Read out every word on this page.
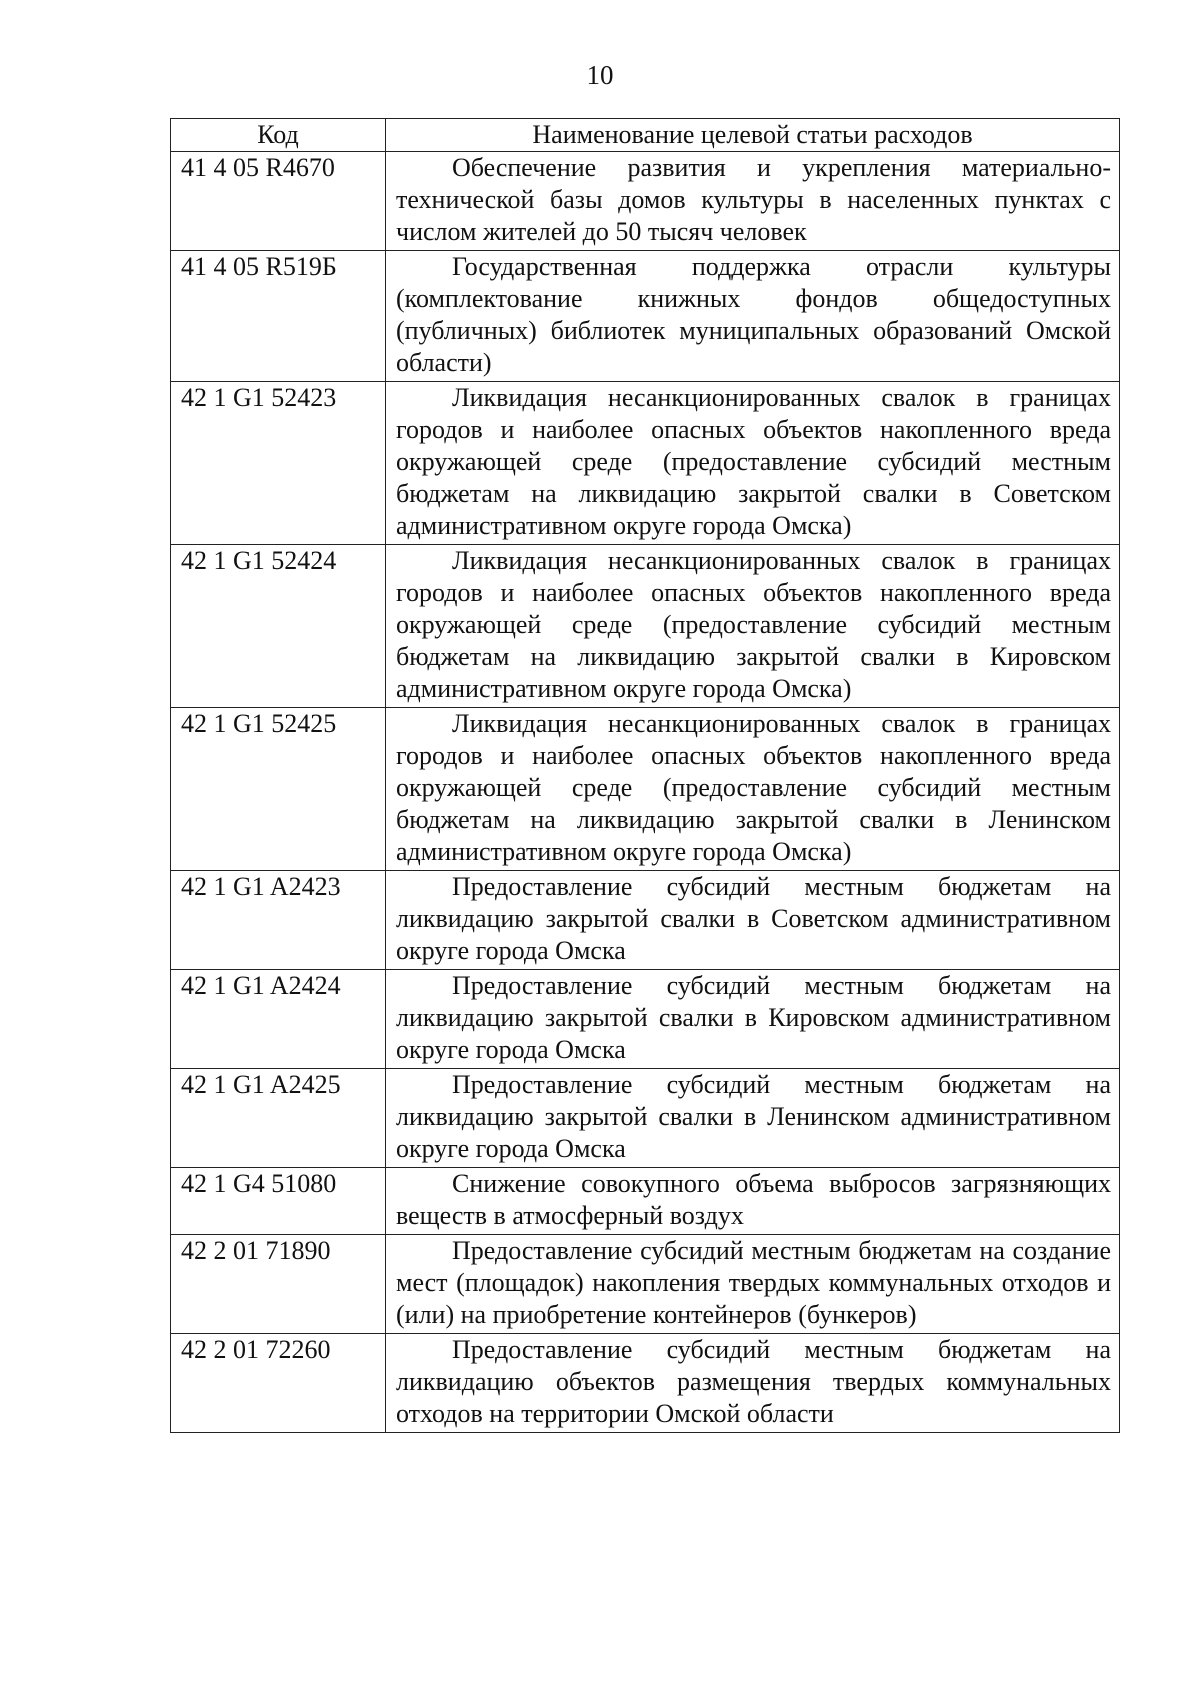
10
Код	Наименование целевой статьи расходов
41 4 05 R4670	Обеспечение развития и укрепления материально-технической базы домов культуры в населенных пунктах с числом жителей до 50 тысяч человек
41 4 05 R519Б	Государственная поддержка отрасли культуры (комплектование книжных фондов общедоступных (публичных) библиотек муниципальных образований Омской области)
42 1 G1 52423	Ликвидация несанкционированных свалок в границах городов и наиболее опасных объектов накопленного вреда окружающей среде (предоставление субсидий местным бюджетам на ликвидацию закрытой свалки в Советском административном округе города Омска)
42 1 G1 52424	Ликвидация несанкционированных свалок в границах городов и наиболее опасных объектов накопленного вреда окружающей среде (предоставление субсидий местным бюджетам на ликвидацию закрытой свалки в Кировском административном округе города Омска)
42 1 G1 52425	Ликвидация несанкционированных свалок в границах городов и наиболее опасных объектов накопленного вреда окружающей среде (предоставление субсидий местным бюджетам на ликвидацию закрытой свалки в Ленинском административном округе города Омска)
42 1 G1 A2423	Предоставление субсидий местным бюджетам на ликвидацию закрытой свалки в Советском административном округе города Омска
42 1 G1 A2424	Предоставление субсидий местным бюджетам на ликвидацию закрытой свалки в Кировском административном округе города Омска
42 1 G1 A2425	Предоставление субсидий местным бюджетам на ликвидацию закрытой свалки в Ленинском административном округе города Омска
42 1 G4 51080	Снижение совокупного объема выбросов загрязняющих веществ в атмосферный воздух
42 2 01 71890	Предоставление субсидий местным бюджетам на создание мест (площадок) накопления твердых коммунальных отходов и (или) на приобретение контейнеров (бункеров)
42 2 01 72260	Предоставление субсидий местным бюджетам на ликвидацию объектов размещения твердых коммунальных отходов на территории Омской области
